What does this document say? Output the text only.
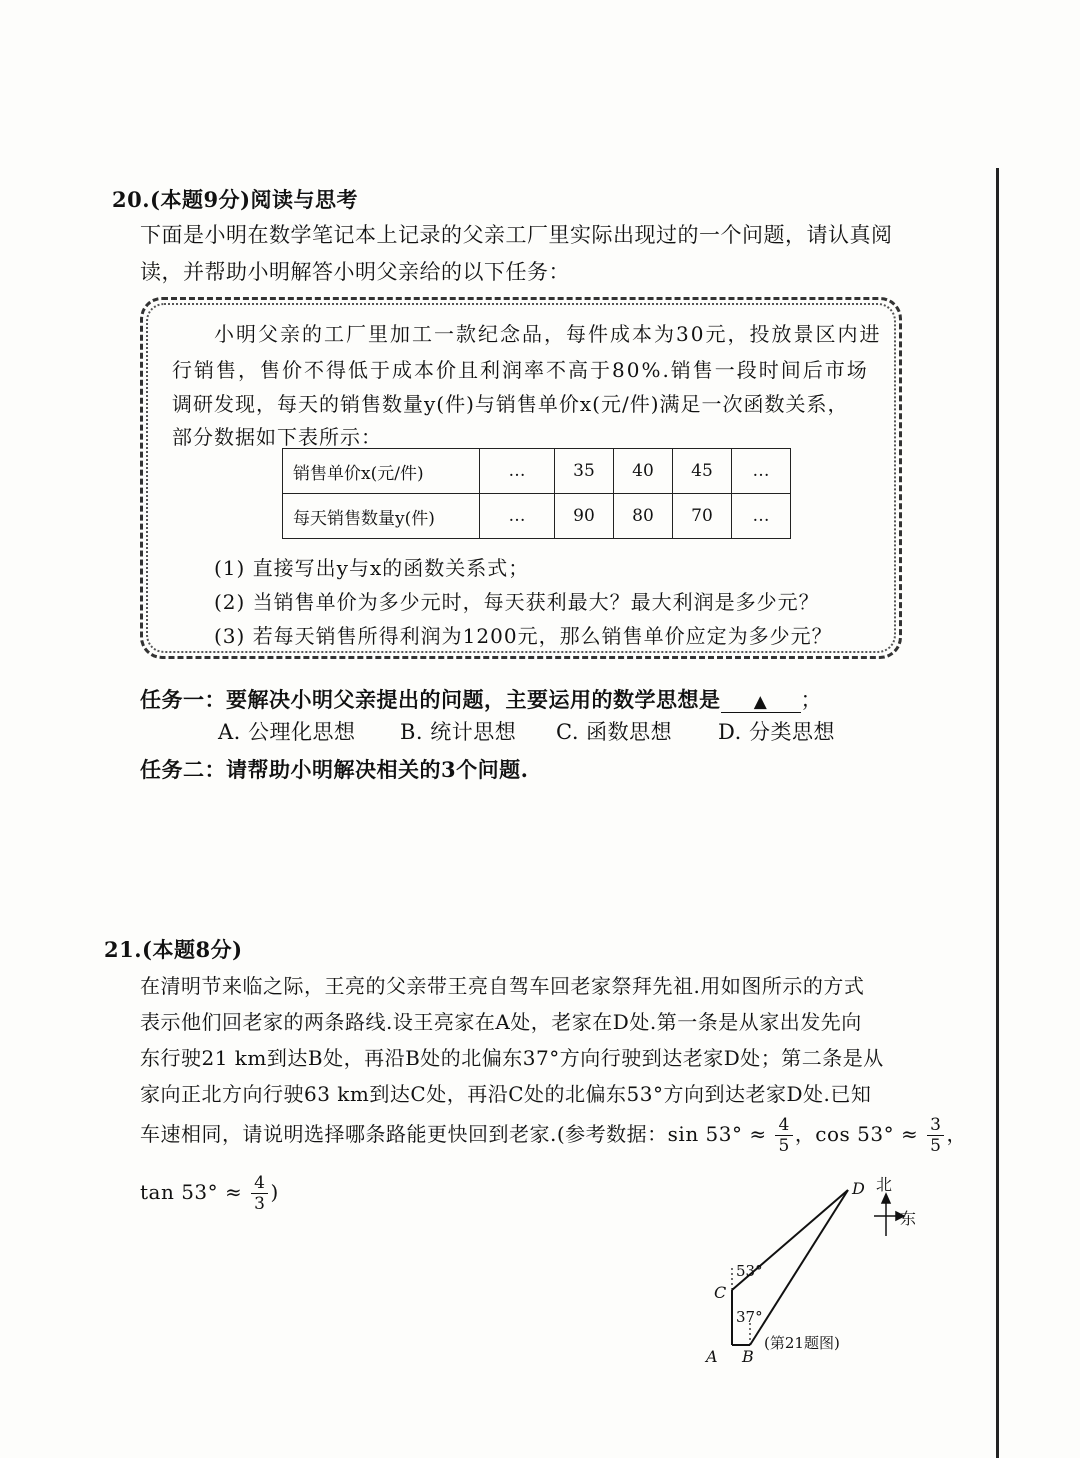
20.(本题9分)阅读与思考
下面是小明在数学笔记本上记录的父亲工厂里实际出现过的一个问题，请认真阅
读，并帮助小明解答小明父亲给的以下任务：
小明父亲的工厂里加工一款纪念品，每件成本为30元，投放景区内进
行销售，售价不得低于成本价且利润率不高于80%.销售一段时间后市场
调研发现，每天的销售数量y(件)与销售单价x(元/件)满足一次函数关系，
部分数据如下表所示：
销售单价x(元/件)	…	35	40	45	…
每天销售数量y(件)	…	90	80	70	…
(1) 直接写出y与x的函数关系式；
(2) 当销售单价为多少元时，每天获利最大？最大利润是多少元？
(3) 若每天销售所得利润为1200元，那么销售单价应定为多少元？
任务一：要解决小明父亲提出的问题，主要运用的数学思想是 ▲ ；
A. 公理化思想 B. 统计思想 C. 函数思想 D. 分类思想
任务二：请帮助小明解决相关的3个问题.
21.(本题8分)
在清明节来临之际，王亮的父亲带王亮自驾车回老家祭拜先祖.用如图所示的方式
表示他们回老家的两条路线.设王亮家在A处，老家在D处.第一条是从家出发先向
东行驶21 km到达B处，再沿B处的北偏东37°方向行驶到达老家D处；第二条是从
家向正北方向行驶63 km到达C处，再沿C处的北偏东53°方向到达老家D处.已知
车速相同，请说明选择哪条路能更快回到老家.(参考数据：$\sin 53^\circ \approx \frac{4}{5}$ ，$\cos 53^\circ \approx \frac{3}{5}$ ，
$\tan 53^\circ \approx \frac{4}{3}$ )	D
C
A B
北
东
53°
37°
(第21题图)
